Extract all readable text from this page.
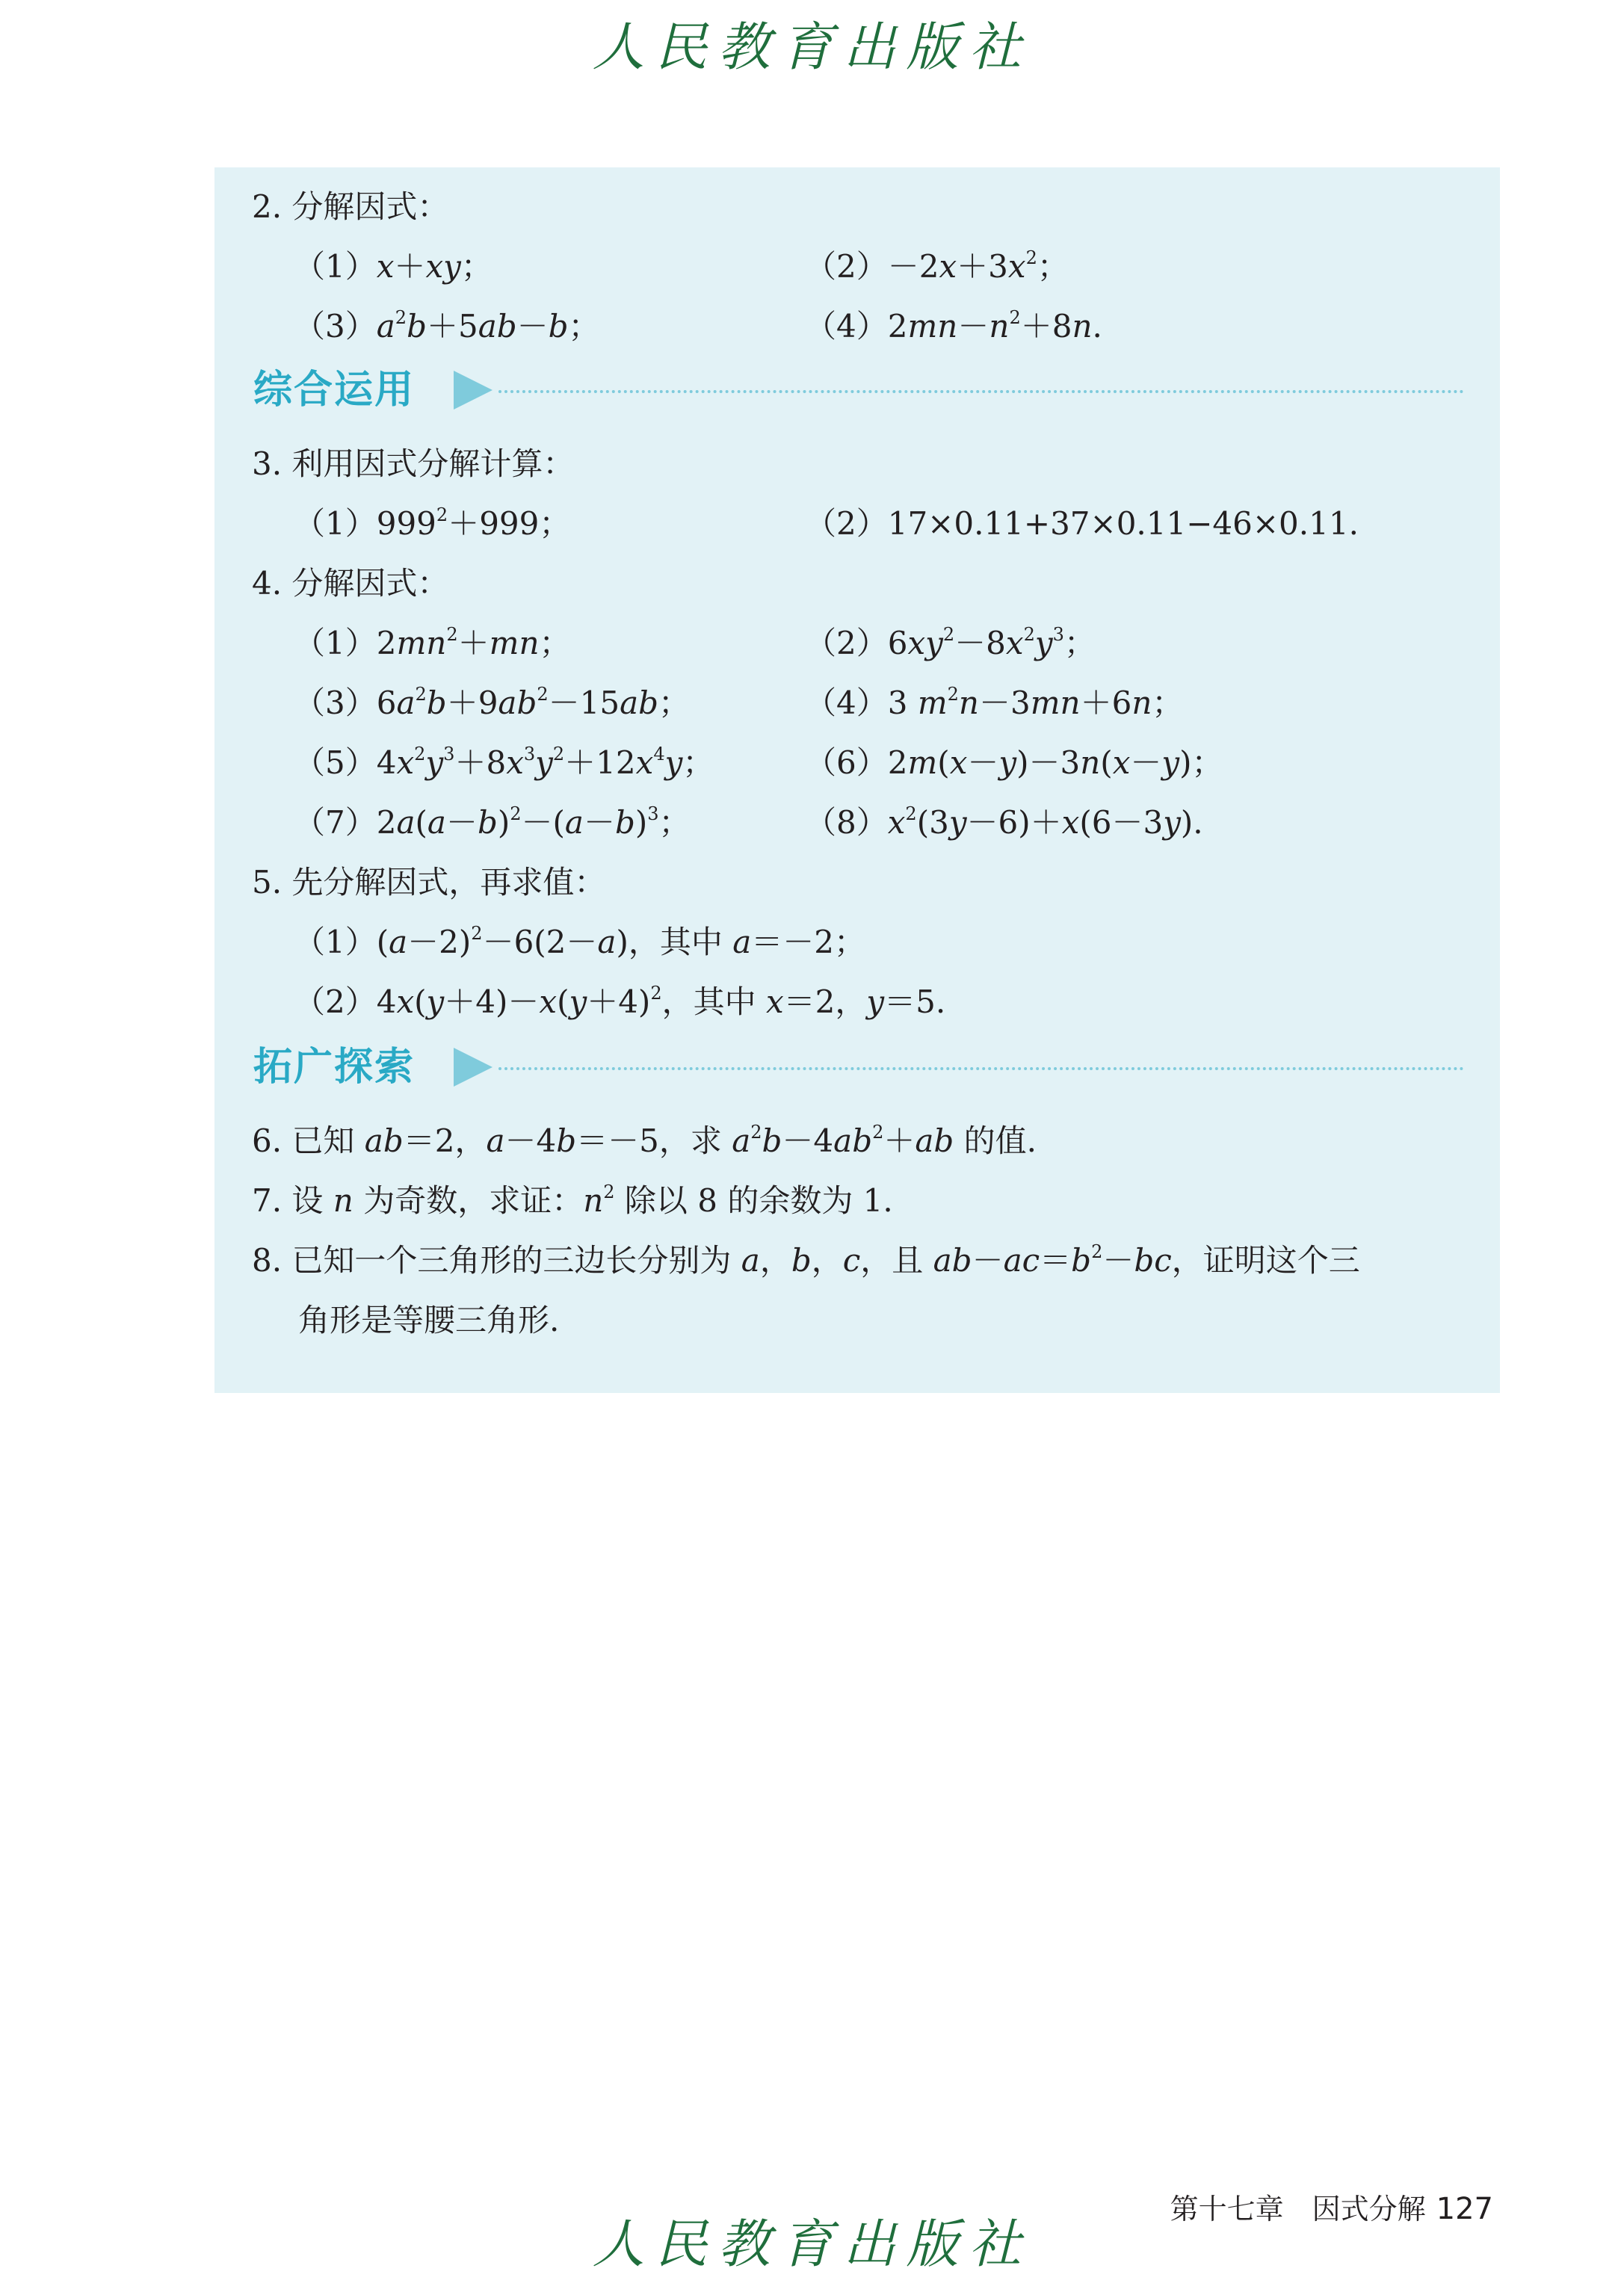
人民教育出版社
2. 分解因式：
（1）x＋xy；	$(2)-2x+3x^2$；
$(3)a^2b+5ab-b$；	$(4)2mn-n^2+8n$.
综合运用
3. 利用因式分解计算：
$(1)999^2+999$；	（2）17×0.11+37×0.11−46×0.11.
4. 分解因式：
$(1)2mn^2+mn$；	$(2)6xy^2-8x^2y^3$；
$(3)6a^2b+9ab^2-15ab$；	（4）3 $m^2n-3mn+6n$；
$(5)4x^2y^3+8x^3y^2+12x^4y$；	（6）2m(x－y)－3n(x－y)；
$(7)2a(a-b)^2-(a-b)^3$；	$(8)x^2(3y-6)+x(6-3y)$.
5. 先分解因式，再求值：
$(1)(a-2)^2-6(2-a)$，其中 a＝－2；
$(2)4x(y+4)-x(y+4)^2$，其中 x＝2，y＝5.
拓广探索
6. 已知 ab＝2，a－4b＝－5，求 $a^2b-4ab^2+ab$ 的值.
7. 设 n 为奇数，求证：$n^2$ 除以 8 的余数为 1.
8. 已知一个三角形的三边长分别为 a，b，c，且 $ab-ac=b^2-bc$，证明这个三
角形是等腰三角形.
第十七章　因式分解 127
人民教育出版社
